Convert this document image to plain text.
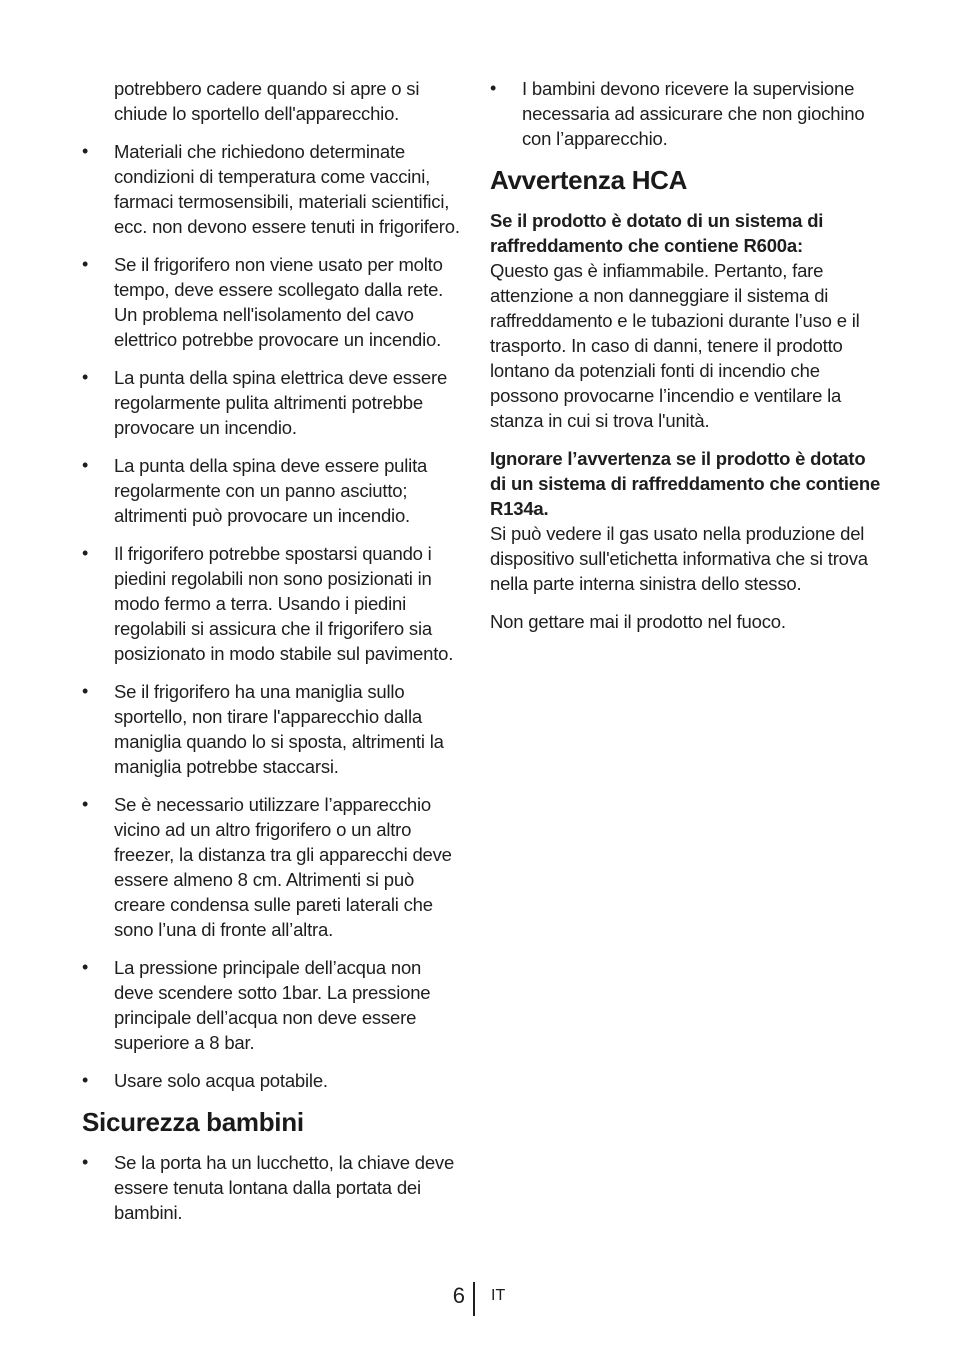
potrebbero cadere quando si apre o si chiude lo sportello dell'apparecchio.

• Materiali che richiedono determinate condizioni di temperatura come vaccini, farmaci termosensibili, materiali scientifici, ecc. non devono essere tenuti in frigorifero.
• Se il frigorifero non viene usato per molto tempo, deve essere scollegato dalla rete. Un problema nell'isolamento del cavo elettrico potrebbe provocare un incendio.
• La punta della spina elettrica deve essere regolarmente pulita altrimenti potrebbe provocare un incendio.
• La punta della spina deve essere pulita regolarmente con un panno asciutto; altrimenti può provocare un incendio.
• Il frigorifero potrebbe spostarsi quando i piedini regolabili non sono posizionati in modo fermo a terra. Usando i piedini regolabili si assicura che il frigorifero sia posizionato in modo stabile sul pavimento.
• Se il frigorifero ha una maniglia sullo sportello, non tirare l'apparecchio dalla maniglia quando lo si sposta, altrimenti la maniglia potrebbe staccarsi.
• Se è necessario utilizzare l’apparecchio vicino ad un altro frigorifero o un altro freezer, la distanza tra gli apparecchi deve essere almeno 8 cm. Altrimenti si può creare condensa sulle pareti laterali che sono l’una di fronte all’altra.
• La pressione principale dell’acqua non deve scendere sotto 1bar. La pressione principale dell’acqua non deve essere superiore a 8 bar.
• Usare solo acqua potabile.
Sicurezza bambini
• Se la porta ha un lucchetto, la chiave deve essere tenuta lontana dalla portata dei bambini.
• I bambini devono ricevere la supervisione necessaria ad assicurare che non giochino con l’apparecchio.
Avvertenza HCA

Se il prodotto è dotato di un sistema di raffreddamento che contiene R600a:
Questo gas è infiammabile. Pertanto, fare attenzione a non danneggiare il sistema di raffreddamento e le tubazioni durante l’uso e il trasporto. In caso di danni, tenere il prodotto lontano da potenziali fonti di incendio che possono provocarne l’incendio e ventilare la stanza in cui si trova l'unità.

Ignorare l’avvertenza se il prodotto è dotato di un sistema di raffreddamento che contiene R134a.
Si può vedere il gas usato nella produzione del dispositivo sull'etichetta informativa che si trova nella parte interna sinistra dello stesso.

Non gettare mai il prodotto nel fuoco.

6 IT
